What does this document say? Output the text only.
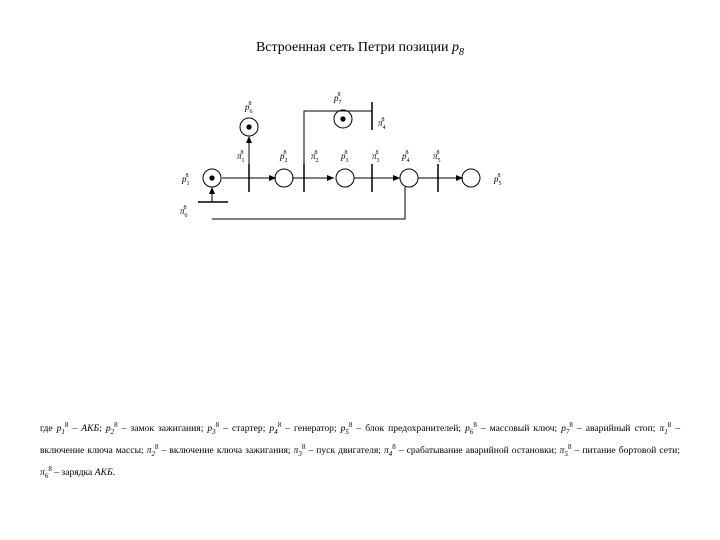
Встроенная сеть Петри позиции $p_8$
$p_68$
$p_78$
$\pi_48$
$\pi_18$	$p_28$	$\pi_28$	$p_38$	$\pi_38$	$p_48$	$\pi_58$
$p_18$	$p_58$
$\pi_68$
где $p_1^8$ – АКБ; $p_2^8$ – замок зажигания; $p_3^8$ – стартер; $p_4^8$ – генератор; $p_5^8$ – блок предохранителей; $p_6^8$ – массовый ключ; $p_7^8$ – аварийный стоп; $\pi_1^8$ – включение ключа массы; $\pi_2^8$ – включение ключа зажигания; $\pi_3^8$ – пуск двигателя; $\pi_4^8$ – срабатывание аварийной остановки; $\pi_5^8$ – питание бортовой сети; $\pi_6^8$ – зарядка АКБ.
